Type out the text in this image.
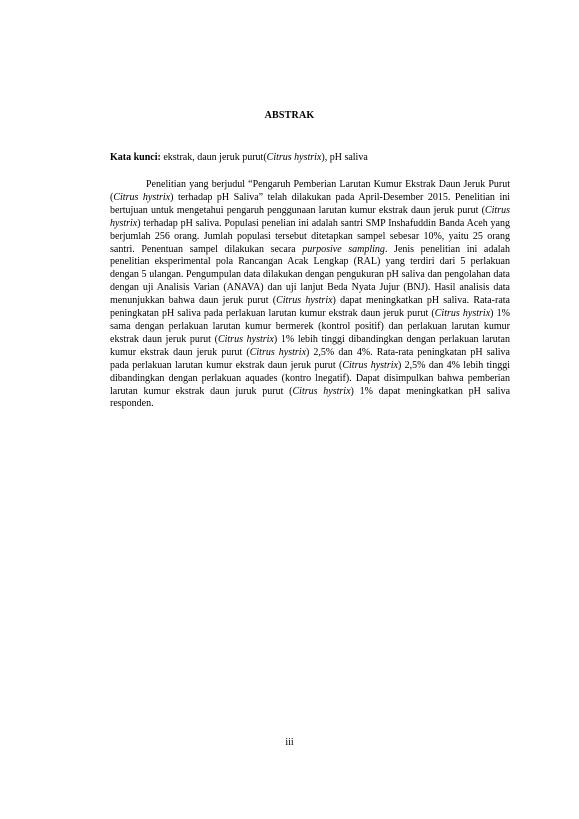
ABSTRAK
Kata kunci: ekstrak, daun jeruk purut(Citrus hystrix), pH saliva

Penelitian yang berjudul “Pengaruh Pemberian Larutan Kumur Ekstrak Daun Jeruk Purut (Citrus hystrix) terhadap pH Saliva” telah dilakukan pada April-Desember 2015. Penelitian ini bertujuan untuk mengetahui pengaruh penggunaan larutan kumur ekstrak daun jeruk purut (Citrus hystrix) terhadap pH saliva. Populasi penelian ini adalah santri SMP Inshafuddin Banda Aceh yang berjumlah 256 orang. Jumlah populasi tersebut ditetapkan sampel sebesar 10%, yaitu 25 orang santri. Penentuan sampel dilakukan secara purposive sampling. Jenis penelitian ini adalah penelitian eksperimental pola Rancangan Acak Lengkap (RAL) yang terdiri dari 5 perlakuan dengan 5 ulangan. Pengumpulan data dilakukan dengan pengukuran pH saliva dan pengolahan data dengan uji Analisis Varian (ANAVA) dan uji lanjut Beda Nyata Jujur (BNJ). Hasil analisis data menunjukkan bahwa daun jeruk purut (Citrus hystrix) dapat meningkatkan pH saliva. Rata-rata peningkatan pH saliva pada perlakuan larutan kumur ekstrak daun jeruk purut (Citrus hystrix) 1% sama dengan perlakuan larutan kumur bermerek (kontrol positif) dan perlakuan larutan kumur ekstrak daun jeruk purut (Citrus hystrix) 1% lebih tinggi dibandingkan dengan perlakuan larutan kumur ekstrak daun jeruk purut (Citrus hystrix) 2,5% dan 4%. Rata-rata peningkatan pH saliva pada perlakuan larutan kumur ekstrak daun jeruk purut (Citrus hystrix) 2,5% dan 4% lebih tinggi dibandingkan dengan perlakuan aquades (kontro lnegatif). Dapat disimpulkan bahwa pemberian larutan kumur ekstrak daun juruk purut (Citrus hystrix) 1% dapat meningkatkan pH saliva responden.

iii
